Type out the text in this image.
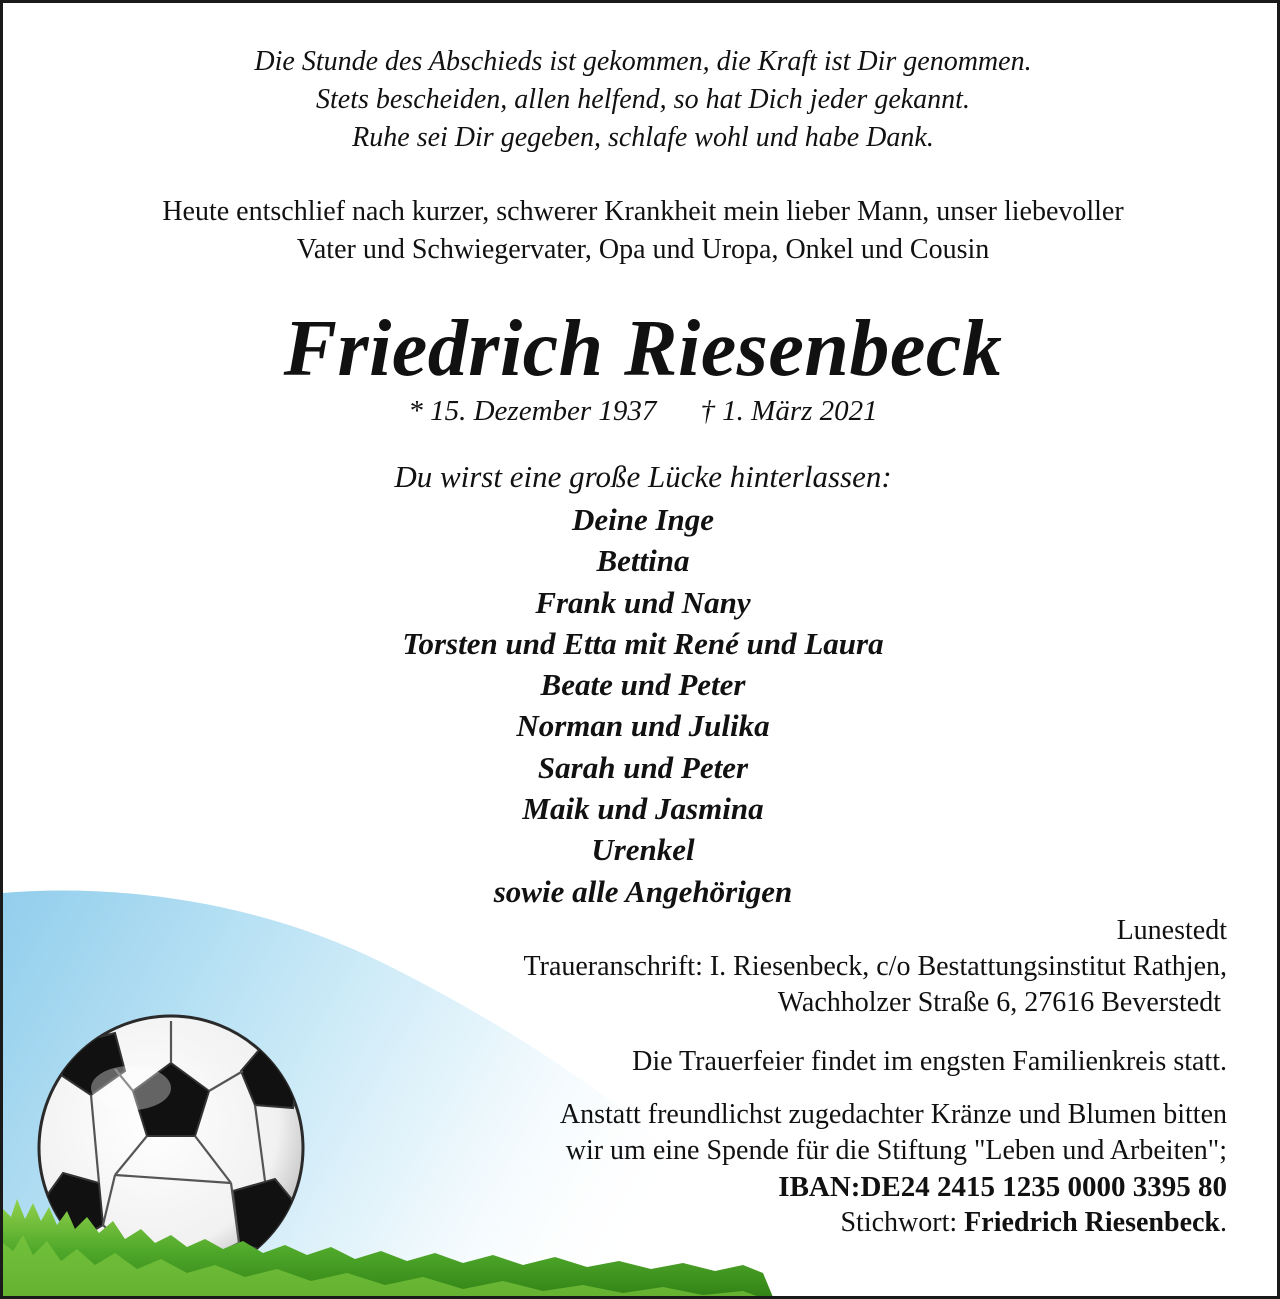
Die Stunde des Abschieds ist gekommen, die Kraft ist Dir genommen.
Stets bescheiden, allen helfend, so hat Dich jeder gekannt.
Ruhe sei Dir gegeben, schlafe wohl und habe Dank.
Heute entschlief nach kurzer, schwerer Krankheit mein lieber Mann, unser liebevoller
Vater und Schwiegervater, Opa und Uropa, Onkel und Cousin
Friedrich Riesenbeck
* 15. Dezember 1937 † 1. März 2021
Du wirst eine große Lücke hinterlassen:
Deine Inge
Bettina
Frank und Nany
Torsten und Etta mit René und Laura
Beate und Peter
Norman und Julika
Sarah und Peter
Maik und Jasmina
Urenkel
sowie alle Angehörigen
Lunestedt
Traueranschrift: I. Riesenbeck, c/o Bestattungsinstitut Rathjen,
Wachholzer Straße 6, 27616 Beverstedt
Die Trauerfeier findet im engsten Familienkreis statt.
Anstatt freundlichst zugedachter Kränze und Blumen bitten
wir um eine Spende für die Stiftung "Leben und Arbeiten";
IBAN:DE24 2415 1235 0000 3395 80
Stichwort: Friedrich Riesenbeck.
